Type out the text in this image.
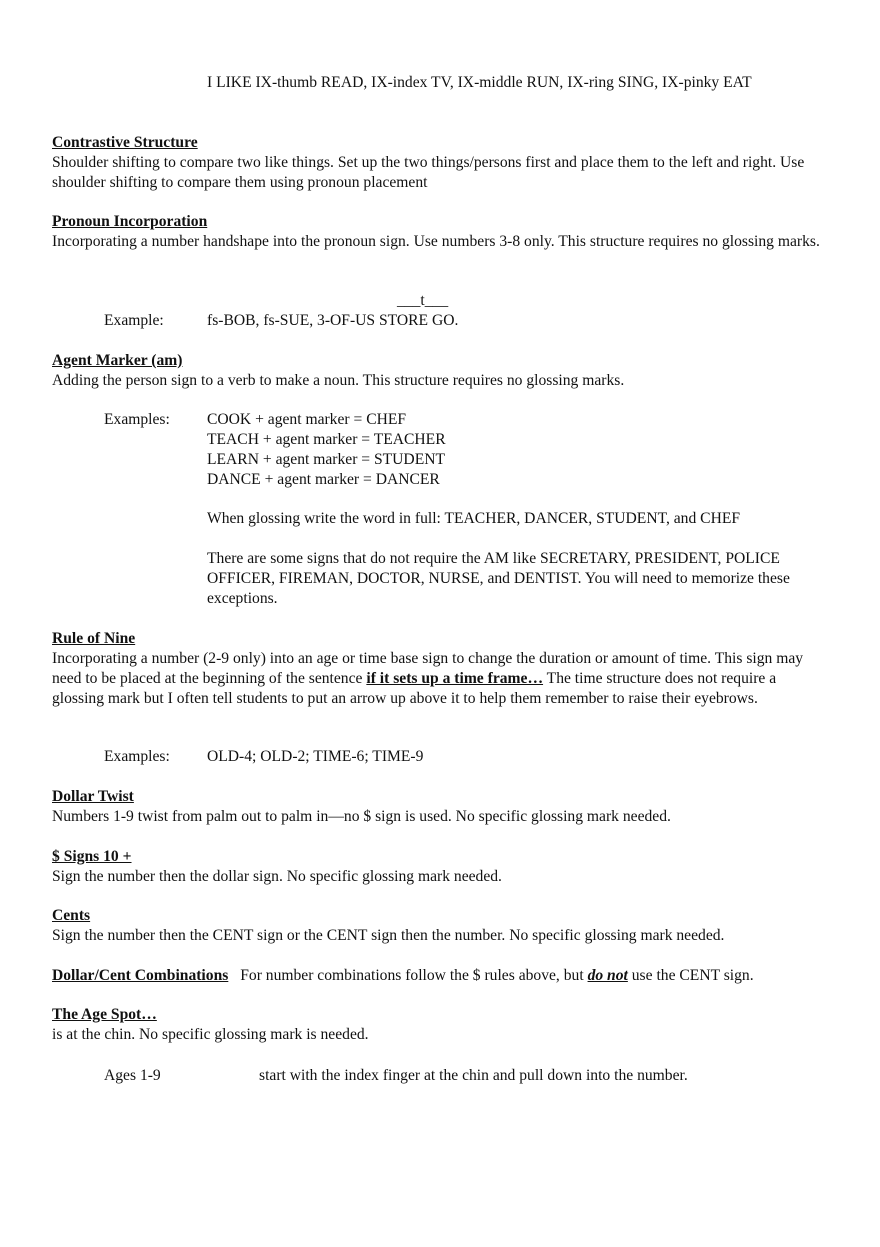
I LIKE IX-thumb READ, IX-index TV, IX-middle RUN, IX-ring SING, IX-pinky EAT
Contrastive Structure

Shoulder shifting to compare two like things. Set up the two things/persons first and place them to the left and right. Use shoulder shifting to compare them using pronoun placement

Pronoun Incorporation

Incorporating a number handshape into the pronoun sign. Use numbers 3-8 only. This structure requires no glossing marks.

___t___
Example:	fs-BOB, fs-SUE, 3-OF-US STORE GO.
Agent Marker (am)

Adding the person sign to a verb to make a noun. This structure requires no glossing marks.

Examples: COOK + agent marker = CHEF
TEACH + agent marker = TEACHER
LEARN + agent marker = STUDENT
DANCE + agent marker = DANCER
When glossing write the word in full: TEACHER, DANCER, STUDENT, and CHEF
There are some signs that do not require the AM like SECRETARY, PRESIDENT, POLICE OFFICER, FIREMAN, DOCTOR, NURSE, and DENTIST. You will need to memorize these exceptions.
Rule of Nine

Incorporating a number (2-9 only) into an age or time base sign to change the duration or amount of time. This sign may need to be placed at the beginning of the sentence if it sets up a time frame… The time structure does not require a glossing mark but I often tell students to put an arrow up above it to help them remember to raise their eyebrows.

Examples: OLD-4; OLD-2; TIME-6; TIME-9
Dollar Twist

Numbers 1-9 twist from palm out to palm in—no $ sign is used. No specific glossing mark needed.

$ Signs 10 +

Sign the number then the dollar sign. No specific glossing mark needed.

Cents

Sign the number then the CENT sign or the CENT sign then the number. No specific glossing mark needed.

Dollar/Cent Combinations For number combinations follow the $ rules above, but do not use the CENT sign.
The Age Spot…

is at the chin. No specific glossing mark is needed.

Ages 1-9	start with the index finger at the chin and pull down into the number.
